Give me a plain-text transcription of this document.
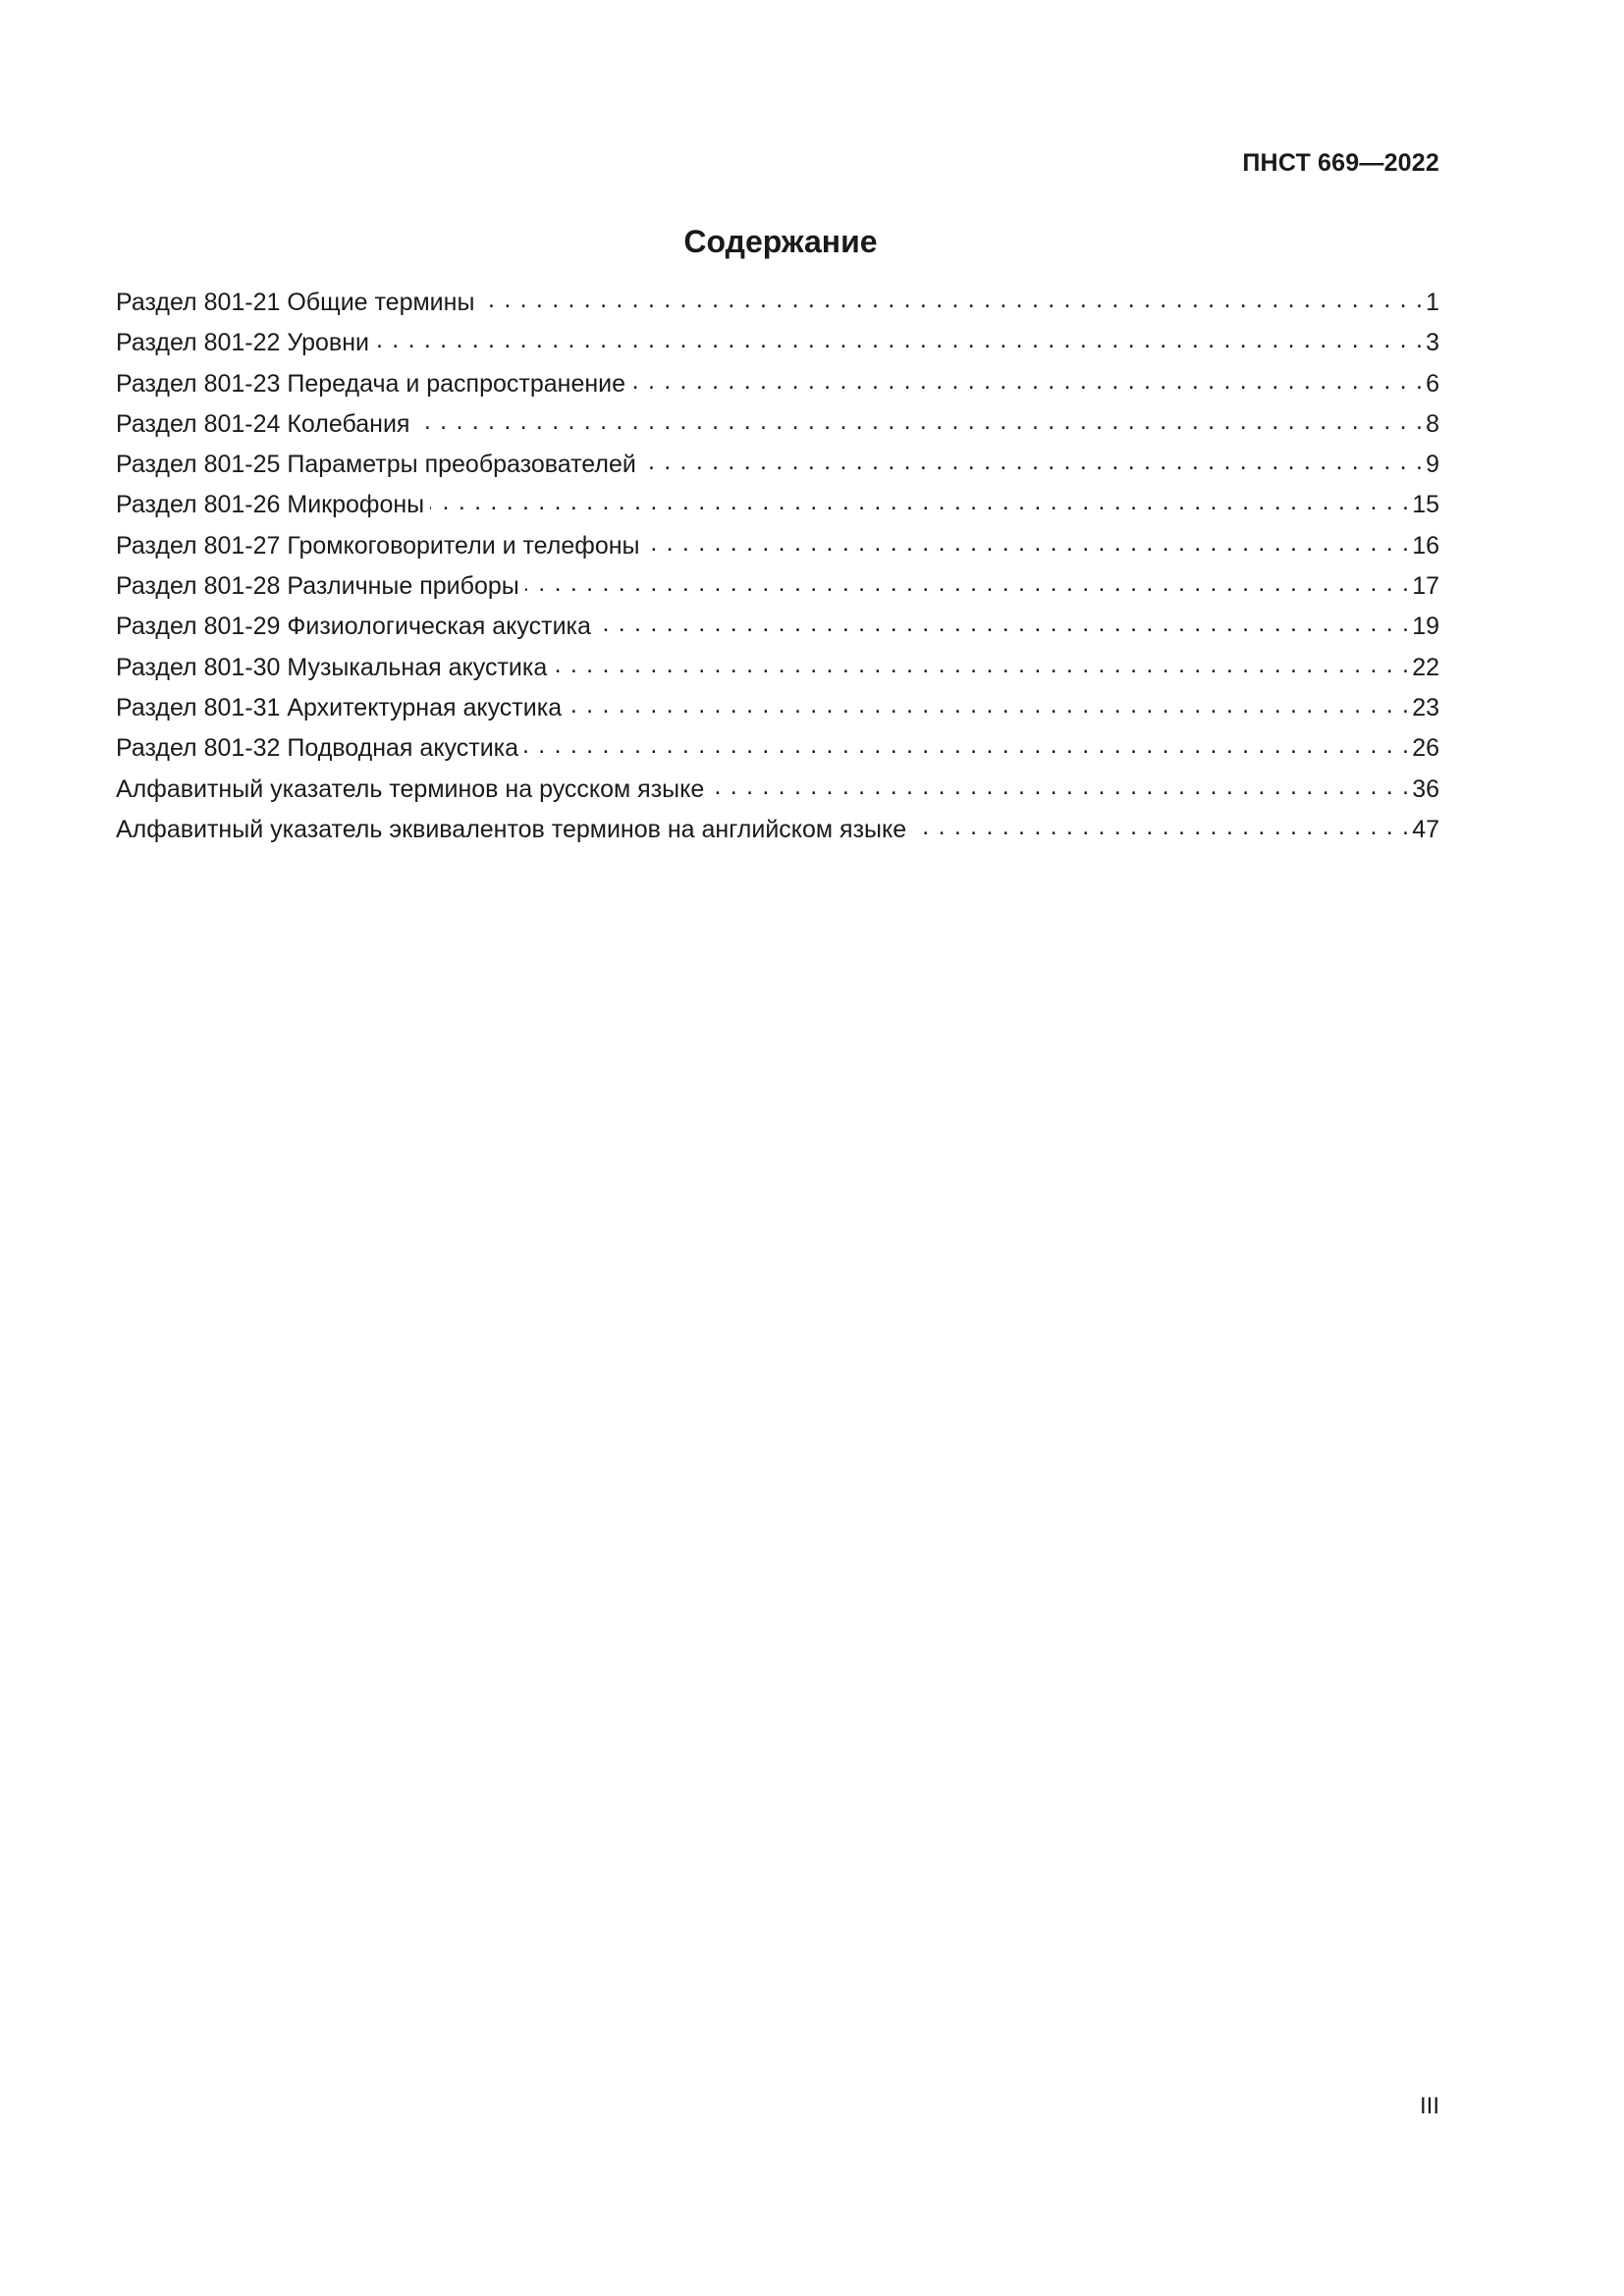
ПНСТ 669—2022
Содержание
Раздел 801-21 Общие термины . . .	1
Раздел 801-22 Уровни . . .	3
Раздел 801-23 Передача и распространение . . .	6
Раздел 801-24 Колебания . . .	8
Раздел 801-25 Параметры преобразователей . . .	9
Раздел 801-26 Микрофоны . . .	15
Раздел 801-27 Громкоговорители и телефоны . . .	16
Раздел 801-28 Различные приборы . . .	17
Раздел 801-29 Физиологическая акустика . . .	19
Раздел 801-30 Музыкальная акустика . . .	22
Раздел 801-31 Архитектурная акустика . . .	23
Раздел 801-32 Подводная акустика . . .	26
Алфавитный указатель терминов на русском языке . . .	36
Алфавитный указатель эквивалентов терминов на английском языке . . .	47
III
